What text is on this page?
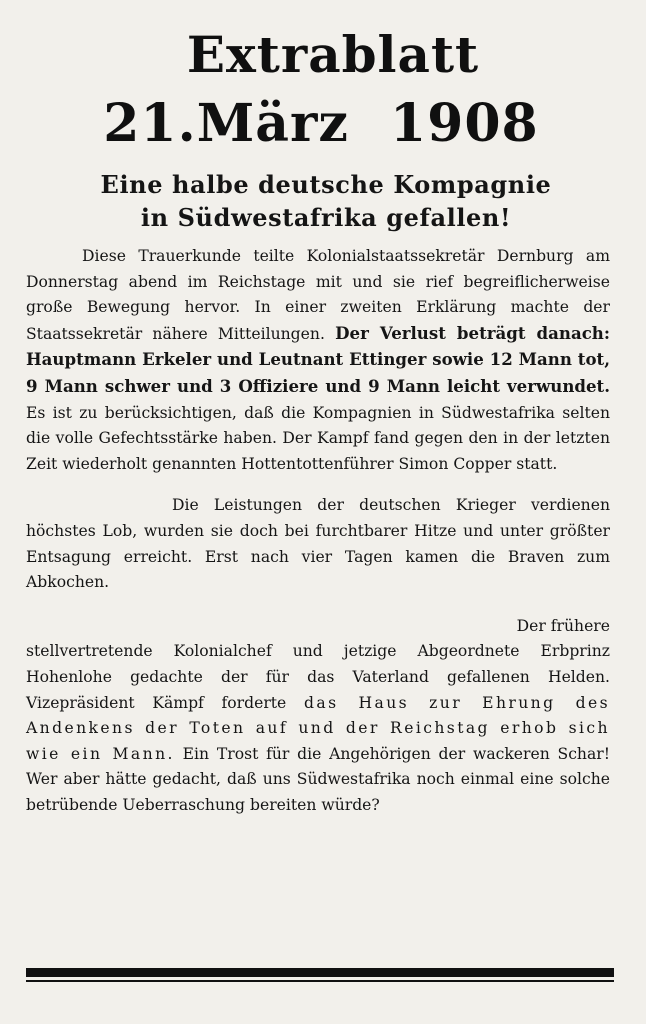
Extrablatt
21.März 1908
Eine halbe deutsche Kompagnie
in Südwestafrika gefallen!

Diese Trauerkunde teilte Kolonialstaatssekretär Dernburg am Donnerstag abend im Reichstage mit und sie rief begreiflicherweise große Bewegung hervor. In einer zweiten Erklärung machte der Staatssekretär nähere Mitteilungen. Der Verlust beträgt danach: Hauptmann Erkeler und Leutnant Ettinger sowie 12 Mann tot, 9 Mann schwer und 3 Offiziere und 9 Mann leicht verwundet. Es ist zu berücksichtigen, daß die Kompagnien in Südwestafrika selten die volle Gefechtsstärke haben. Der Kampf fand gegen den in der letzten Zeit wiederholt genannten Hottentottenführer Simon Copper statt.

Die Leistungen der deutschen Krieger verdienen höchstes Lob, wurden sie doch bei furchtbarer Hitze und unter größter Entsagung erreicht. Erst nach vier Tagen kamen die Braven zum Abkochen.

Der frühere
stellvertretende Kolonialchef und jetzige Abgeordnete Erbprinz Hohenlohe gedachte der für das Vaterland gefallenen Helden. Vizepräsident Kämpf forderte das Haus zur Ehrung des Andenkens der Toten auf und der Reichstag erhob sich wie ein Mann. Ein Trost für die Angehörigen der wackeren Schar! Wer aber hätte gedacht, daß uns Südwestafrika noch einmal eine solche betrübende Ueberraschung bereiten würde?
